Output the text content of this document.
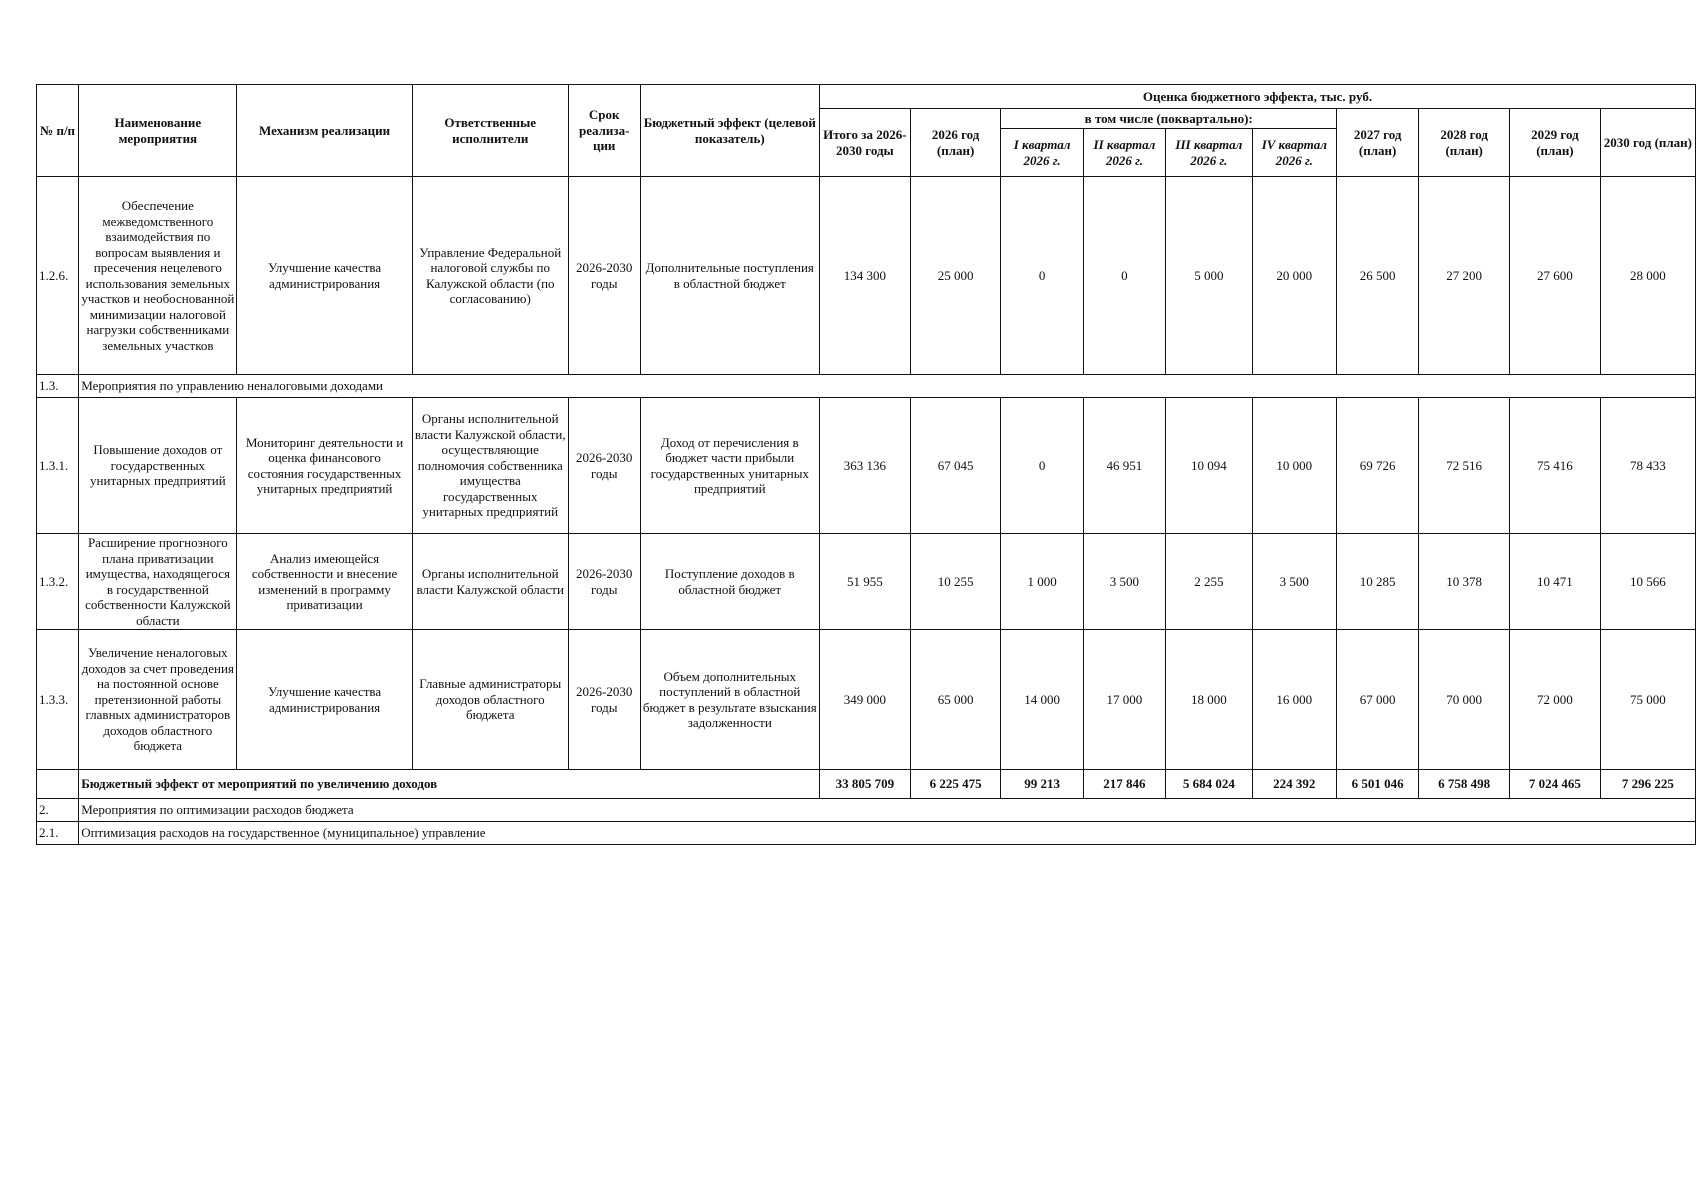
№ п/п	Наименование мероприятия	Механизм реализации	Ответственные исполнители	Срок реализа- ции	Бюджетный эффект (целевой показатель)	Оценка бюджетного эффекта, тыс. руб.									
						Итого за 2026-2030 годы	2026 год (план)	в том числе (поквартально):				2027 год (план)	2028 год (план)	2029 год (план)	2030 год (план)
								I квартал 2026 г.	II квартал 2026 г.	III квартал 2026 г.	IV квартал 2026 г.				
1.2.6.	Обеспечение межведомственного взаимодействия по вопросам выявления и пресечения нецелевого использования земельных участков и необоснованной минимизации налоговой нагрузки собственниками земельных участков	Улучшение качества администрирования	Управление Федеральной налоговой службы по Калужской области (по согласованию)	2026-2030 годы	Дополнительные поступления в областной бюджет	134 300	25 000	0	0	5 000	20 000	26 500	27 200	27 600	28 000
1.3.	Мероприятия по управлению неналоговыми доходами														
1.3.1.	Повышение доходов от государственных унитарных предприятий	Мониторинг деятельности и оценка финансового состояния государственных унитарных предприятий	Органы исполнительной власти Калужской области, осуществляющие полномочия собственника имущества государственных унитарных предприятий	2026-2030 годы	Доход от перечисления в бюджет части прибыли государственных унитарных предприятий	363 136	67 045	0	46 951	10 094	10 000	69 726	72 516	75 416	78 433
1.3.2.	Расширение прогнозного плана приватизации имущества, находящегося в государственной собственности Калужской области	Анализ имеющейся собственности и внесение изменений в программу приватизации	Органы исполнительной власти Калужской области	2026-2030 годы	Поступление доходов в областной бюджет	51 955	10 255	1 000	3 500	2 255	3 500	10 285	10 378	10 471	10 566
1.3.3.	Увеличение неналоговых доходов за счет проведения на постоянной основе претензионной работы главных администраторов доходов областного бюджета	Улучшение качества администрирования	Главные администраторы доходов областного бюджета	2026-2030 годы	Объем дополнительных поступлений в областной бюджет в результате взыскания задолженности	349 000	65 000	14 000	17 000	18 000	16 000	67 000	70 000	72 000	75 000
	Бюджетный эффект от мероприятий по увеличению доходов					33 805 709	6 225 475	99 213	217 846	5 684 024	224 392	6 501 046	6 758 498	7 024 465	7 296 225
2.	Мероприятия по оптимизации расходов бюджета														
2.1.	Оптимизация расходов на государственное (муниципальное) управление														
